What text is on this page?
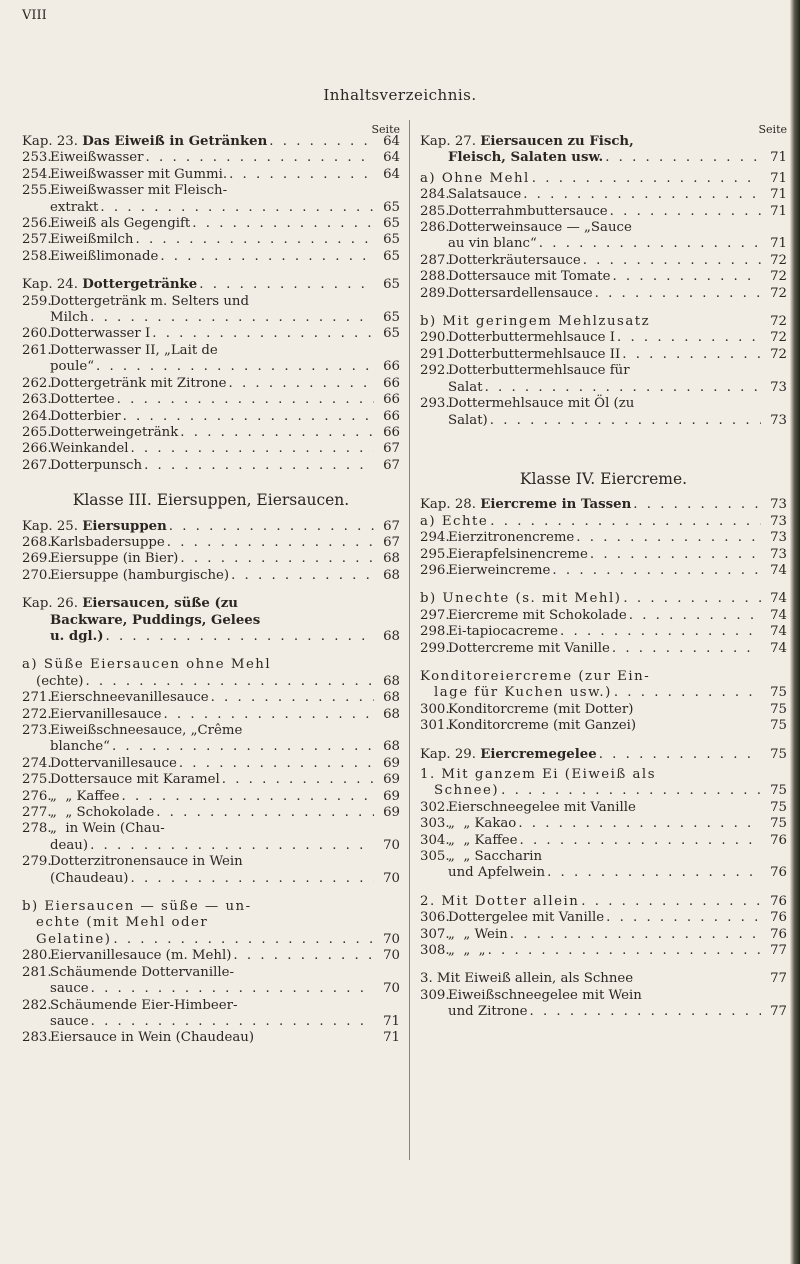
VIII
Inhaltsverzeichnis.
Seite
Kap. 23.
Das Eiweiß in Getränken . . .	64
253.
Eiweißwasser . . .	64
254.
Eiweißwasser mit Gummi. . . .	64
255.
Eiweißwasser mit Fleisch-
extrakt . . .	65
256.
Eiweiß als Gegengift . . .	65
257.
Eiweißmilch . . .	65
258.
Eiweißlimonade . . .	65
Kap. 24.
Dottergetränke . . .	65
259.
Dottergetränk m. Selters und
Milch . . .	65
260.
Dotterwasser I . . .	65
261.
Dotterwasser II, „Lait de
poule“ . . .	66
262.
Dottergetränk mit Zitrone . . .	66
263.
Dottertee . . .	66
264.
Dotterbier . . .	66
265.
Dotterweingetränk . . .	66
266.
Weinkandel . . .	67
267.
Dotterpunsch . . .	67
Klasse III. Eiersuppen, Eiersaucen.
Kap. 25.
Eiersuppen . . .	67
268.
Karlsbadersuppe . . .	67
269.
Eiersuppe (in Bier) . . .	68
270.
Eiersuppe (hamburgische) . . .	68
Kap. 26.
Eiersaucen, süße (zu
Backware, Puddings, Gelees
u. dgl.) . . .	68
a) Süße Eiersaucen ohne Mehl
(echte) . . .	68
271.
Eierschneevanillesauce . . .	68
272.
Eiervanillesauce . . .	68
273.
Eiweißschneesauce, „Crême
blanche“ . . .	68
274.
Dottervanillesauce . . .	69
275.
Dottersauce mit Karamel . . .	69
276.
„  „ Kaffee . . .	69
277.
„  „ Schokolade . . .	69
278.
„  in Wein (Chau-
deau) . . .	70
279.
Dotterzitronensauce in Wein
(Chaudeau) . . .	70
b) Eiersaucen — süße — un-
echte (mit Mehl oder
Gelatine) . . .	70
280.
Eiervanillesauce (m. Mehl) . . .	70
281.
Schäumende Dottervanille-
sauce . . .	70
282.
Schäumende Eier-Himbeer-
sauce . . .	71
283.
Eiersauce in Wein (Chaudeau)	71
Seite
Kap. 27.
Eiersaucen zu Fisch,
Fleisch, Salaten usw. . . .	71
a) Ohne Mehl . . .	71
284.
Salatsauce . . .	71
285.
Dotterrahmbuttersauce . . .	71
286.
Dotterweinsauce — „Sauce
au vin blanc“ . . .	71
287.
Dotterkräutersauce . . .	72
288.
Dottersauce mit Tomate . . .	72
289.
Dottersardellensauce . . .	72
b) Mit geringem Mehlzusatz	72
290.
Dotterbuttermehlsauce I . . .	72
291.
Dotterbuttermehlsauce II . . .	72
292.
Dotterbuttermehlsauce für
Salat . . .	73
293.
Dottermehlsauce mit Öl (zu
Salat) . . .	73
Klasse IV. Eiercreme.
Kap. 28.
Eiercreme in Tassen . . .	73
a) Echte . . .	73
294.
Eierzitronencreme . . .	73
295.
Eierapfelsinencreme . . .	73
296.
Eierweincreme . . .	74
b) Unechte (s. mit Mehl) . . .	74
297.
Eiercreme mit Schokolade . . .	74
298.
Ei-tapiocacreme . . .	74
299.
Dottercreme mit Vanille . . .	74
Konditoreiercreme (zur Ein-
lage für Kuchen usw.) . . .	75
300.
Konditorcreme (mit Dotter)	75
301.
Konditorcreme (mit Ganzei)	75
Kap. 29.
Eiercremegelee . . .	75
1. Mit ganzem Ei (Eiweiß als
Schnee) . . .	75
302.
Eierschneegelee mit Vanille	75
303.
„  „ Kakao . . .	75
304.
„  „ Kaffee . . .	76
305.
„  „ Saccharin
und Apfelwein . . .	76
2. Mit Dotter allein . . .	76
306.
Dottergelee mit Vanille . . .	76
307.
„  „ Wein . . .	76
308.
„  „  „ . . .	77
3. Mit Eiweiß allein, als Schnee	77
309.
Eiweißschneegelee mit Wein
und Zitrone . . .	77
